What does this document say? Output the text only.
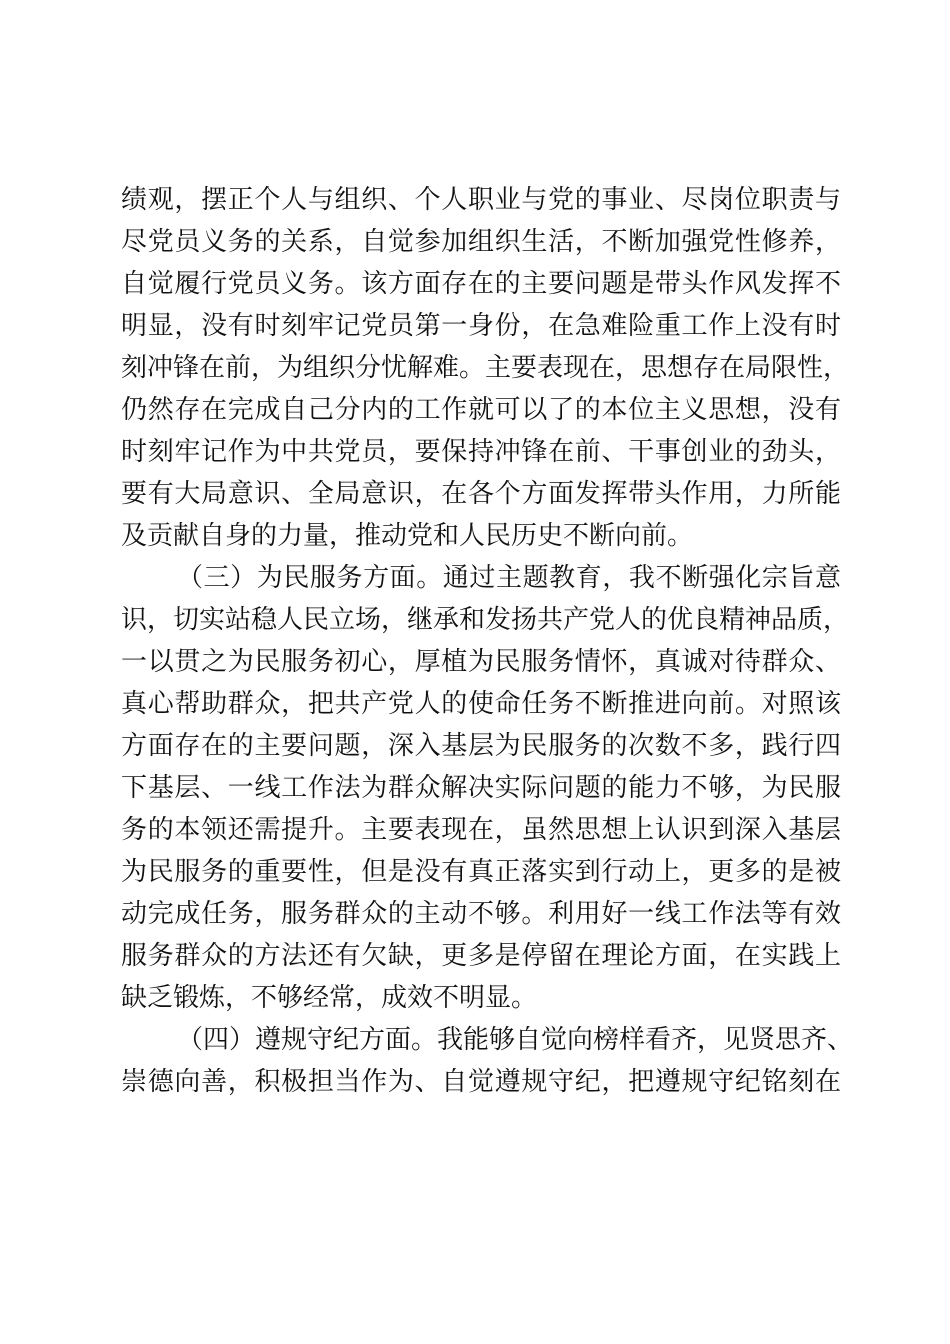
绩观，摆正个人与组织、个人职业与党的事业、尽岗位职责与
尽党员义务的关系，自觉参加组织生活，不断加强党性修养，
自觉履行党员义务。该方面存在的主要问题是带头作风发挥不
明显，没有时刻牢记党员第一身份，在急难险重工作上没有时
刻冲锋在前，为组织分忧解难。主要表现在，思想存在局限性，
仍然存在完成自己分内的工作就可以了的本位主义思想，没有
时刻牢记作为中共党员，要保持冲锋在前、干事创业的劲头，
要有大局意识、全局意识，在各个方面发挥带头作用，力所能
及贡献自身的力量，推动党和人民历史不断向前。
（三）为民服务方面。通过主题教育，我不断强化宗旨意
识，切实站稳人民立场，继承和发扬共产党人的优良精神品质，
一以贯之为民服务初心，厚植为民服务情怀，真诚对待群众、
真心帮助群众，把共产党人的使命任务不断推进向前。对照该
方面存在的主要问题，深入基层为民服务的次数不多，践行四
下基层、一线工作法为群众解决实际问题的能力不够，为民服
务的本领还需提升。主要表现在，虽然思想上认识到深入基层
为民服务的重要性，但是没有真正落实到行动上，更多的是被
动完成任务，服务群众的主动不够。利用好一线工作法等有效
服务群众的方法还有欠缺，更多是停留在理论方面，在实践上
缺乏锻炼，不够经常，成效不明显。
（四）遵规守纪方面。我能够自觉向榜样看齐，见贤思齐、
崇德向善，积极担当作为、自觉遵规守纪，把遵规守纪铭刻在
